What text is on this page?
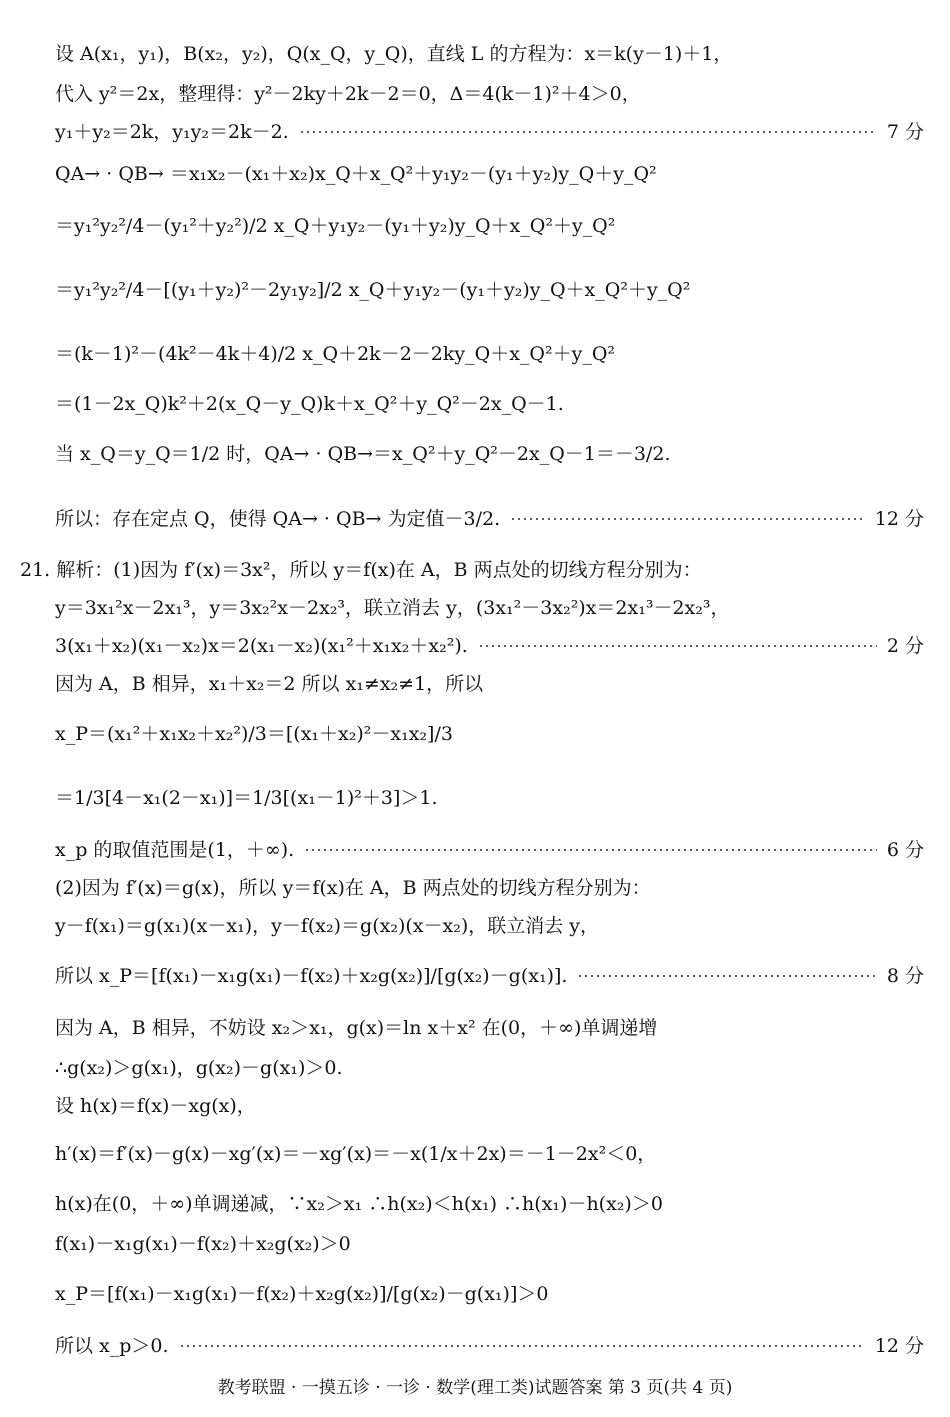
设 A(x₁，y₁)，B(x₂，y₂)，Q(x_Q，y_Q)，直线 L 的方程为：x＝k(y－1)＋1，
代入 y²＝2x，整理得：y²－2ky＋2k－2＝0，Δ＝4(k－1)²＋4＞0，
y₁＋y₂＝2k，y₁y₂＝2k－2.	7 分
QA→ · QB→ ＝x₁x₂－(x₁＋x₂)x_Q＋x_Q²＋y₁y₂－(y₁＋y₂)y_Q＋y_Q²
＝y₁²y₂²/4－(y₁²＋y₂²)/2 x_Q＋y₁y₂－(y₁＋y₂)y_Q＋x_Q²＋y_Q²
＝y₁²y₂²/4－[(y₁＋y₂)²－2y₁y₂]/2 x_Q＋y₁y₂－(y₁＋y₂)y_Q＋x_Q²＋y_Q²
＝(k－1)²－(4k²－4k＋4)/2 x_Q＋2k－2－2ky_Q＋x_Q²＋y_Q²
＝(1－2x_Q)k²＋2(x_Q－y_Q)k＋x_Q²＋y_Q²－2x_Q－1.
当 x_Q＝y_Q＝1/2 时，QA→ · QB→＝x_Q²＋y_Q²－2x_Q－1＝－3/2.
所以：存在定点 Q，使得 QA→ · QB→ 为定值－3/2.	12 分
21. 解析：(1)因为 f′(x)＝3x²，所以 y＝f(x)在 A，B 两点处的切线方程分别为：
y＝3x₁²x－2x₁³，y＝3x₂²x－2x₂³，联立消去 y，(3x₁²－3x₂²)x＝2x₁³－2x₂³，
3(x₁＋x₂)(x₁－x₂)x＝2(x₁－x₂)(x₁²＋x₁x₂＋x₂²).	2 分
因为 A，B 相异，x₁＋x₂＝2 所以 x₁≠x₂≠1，所以
x_P＝(x₁²＋x₁x₂＋x₂²)/3＝[(x₁＋x₂)²－x₁x₂]/3
＝1/3[4－x₁(2－x₁)]＝1/3[(x₁－1)²＋3]＞1.
x_p 的取值范围是(1，＋∞).	6 分
(2)因为 f′(x)＝g(x)，所以 y＝f(x)在 A，B 两点处的切线方程分别为：
y－f(x₁)＝g(x₁)(x－x₁)，y－f(x₂)＝g(x₂)(x－x₂)，联立消去 y，
所以 x_P＝[f(x₁)－x₁g(x₁)－f(x₂)＋x₂g(x₂)]/[g(x₂)－g(x₁)].	8 分
因为 A，B 相异，不妨设 x₂＞x₁，g(x)＝ln x＋x² 在(0，＋∞)单调递增
∴g(x₂)＞g(x₁)，g(x₂)－g(x₁)＞0.
设 h(x)＝f(x)－xg(x)，
h′(x)＝f′(x)－g(x)－xg′(x)＝－xg′(x)＝－x(1/x＋2x)＝－1－2x²＜0，
h(x)在(0，＋∞)单调递减，∵x₂＞x₁ ∴h(x₂)＜h(x₁) ∴h(x₁)－h(x₂)＞0
f(x₁)－x₁g(x₁)－f(x₂)＋x₂g(x₂)＞0
x_P＝[f(x₁)－x₁g(x₁)－f(x₂)＋x₂g(x₂)]/[g(x₂)－g(x₁)]＞0
所以 x_p＞0.	12 分
教考联盟 · 一摸五诊 · 一诊 · 数学(理工类)试题答案 第 3 页(共 4 页)
